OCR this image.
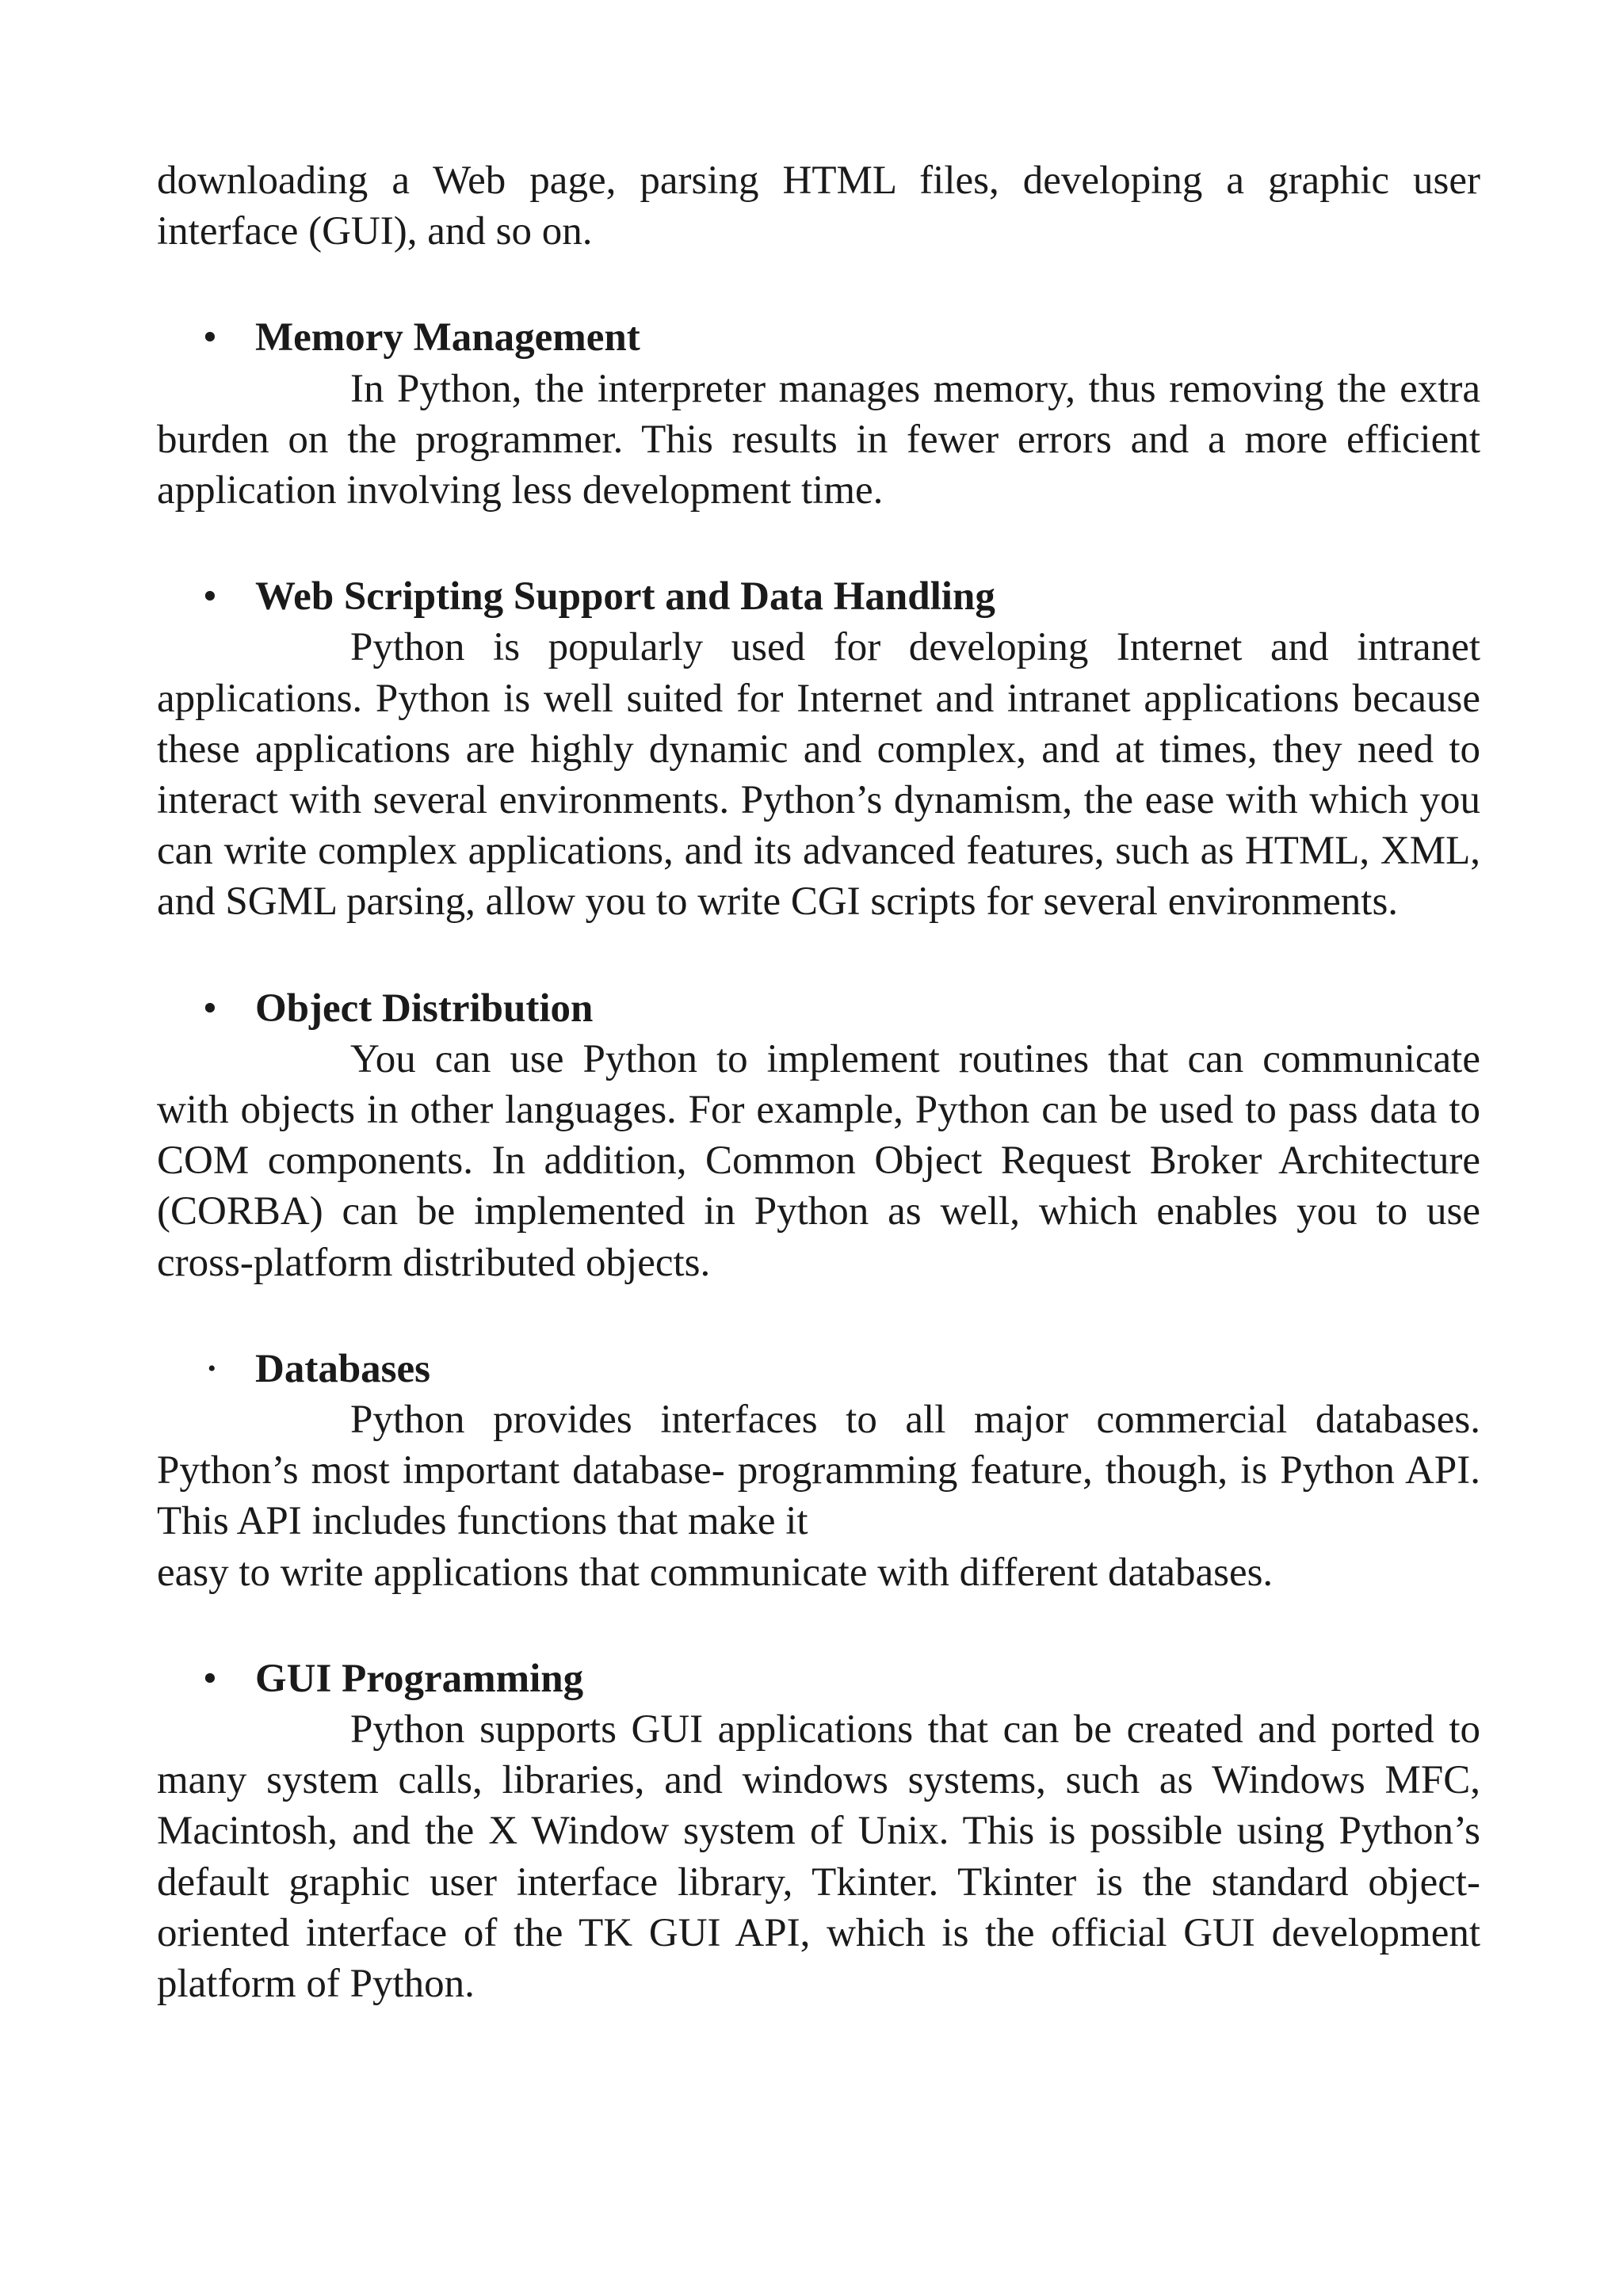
downloading a Web page, parsing HTML files, developing a graphic user interface (GUI), and so on.

• Memory Management

In Python, the interpreter manages memory, thus removing the extra burden on the programmer. This results in fewer errors and a more efficient application involving less development time.

• Web Scripting Support and Data Handling

Python is popularly used for developing Internet and intranet applications. Python is well suited for Internet and intranet applications because these applications are highly dynamic and complex, and at times, they need to interact with several environments. Python’s dynamism, the ease with which you can write complex applications, and its advanced features, such as HTML, XML, and SGML parsing, allow you to write CGI scripts for several environments.

• Object Distribution

You can use Python to implement routines that can communicate with objects in other languages. For example, Python can be used to pass data to COM components. In addition, Common Object Request Broker Architecture (CORBA) can be implemented in Python as well, which enables you to use cross-platform distributed objects.

• Databases

Python provides interfaces to all major commercial databases. Python’s most important database- programming feature, though, is Python API. This API includes functions that make it

easy to write applications that communicate with different databases.

• GUI Programming

Python supports GUI applications that can be created and ported to many system calls, libraries, and windows systems, such as Windows MFC, Macintosh, and the X Window system of Unix. This is possible using Python’s default graphic user interface library, Tkinter. Tkinter is the standard object-oriented interface of the TK GUI API, which is the official GUI development platform of Python.
